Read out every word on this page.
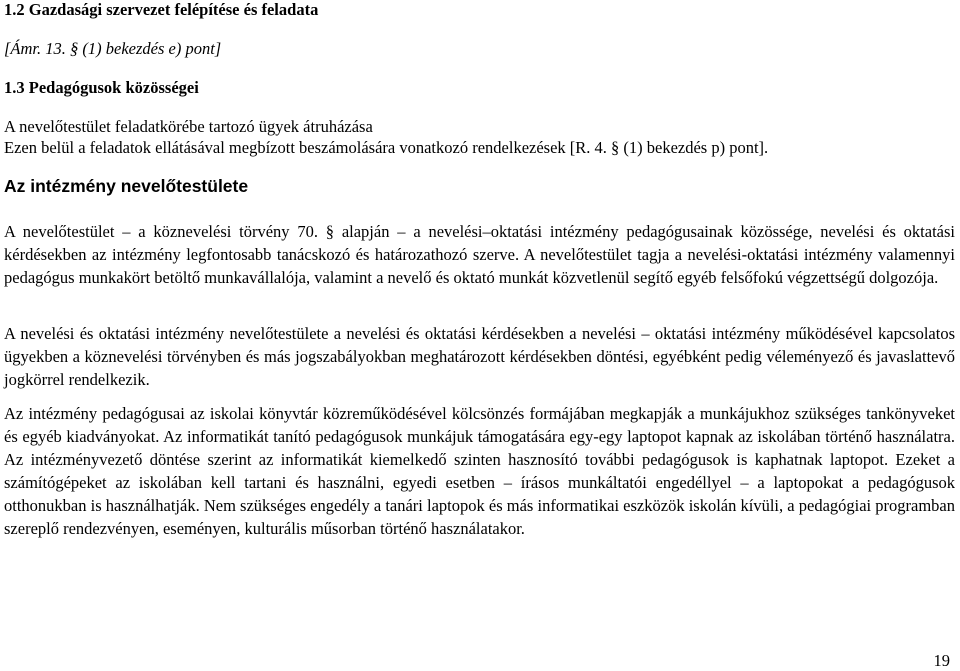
1.2 Gazdasági szervezet felépítése és feladata
[Ámr. 13. § (1) bekezdés e) pont]
1.3 Pedagógusok közösségei
A nevelőtestület feladatkörébe tartozó ügyek átruházása
Ezen belül a feladatok ellátásával megbízott beszámolására vonatkozó rendelkezések [R. 4. § (1) bekezdés p) pont].
Az intézmény nevelőtestülete

A nevelőtestület – a köznevelési törvény 70. § alapján – a nevelési–oktatási intézmény pedagógusainak közössége, nevelési és oktatási kérdésekben az intézmény legfontosabb tanácskozó és határozathozó szerve. A nevelőtestület tagja a nevelési-oktatási intézmény valamennyi pedagógus munkakört betöltő munkavállalója, valamint a nevelő és oktató munkát közvetlenül segítő egyéb felsőfokú végzettségű dolgozója.

A nevelési és oktatási intézmény nevelőtestülete a nevelési és oktatási kérdésekben a nevelési – oktatási intézmény működésével kapcsolatos ügyekben a köznevelési törvényben és más jogszabályokban meghatározott kérdésekben döntési, egyébként pedig véleményező és javaslattevő jogkörrel rendelkezik.

Az intézmény pedagógusai az iskolai könyvtár közreműködésével kölcsönzés formájában megkapják a munkájukhoz szükséges tankönyveket és egyéb kiadványokat. Az informatikát tanító pedagógusok munkájuk támogatására egy-egy laptopot kapnak az iskolában történő használatra. Az intézményvezető döntése szerint az informatikát kiemelkedő szinten hasznosító további pedagógusok is kaphatnak laptopot. Ezeket a számítógépeket az iskolában kell tartani és használni, egyedi esetben – írásos munkáltatói engedéllyel – a laptopokat a pedagógusok otthonukban is használhatják. Nem szükséges engedély a tanári laptopok és más informatikai eszközök iskolán kívüli, a pedagógiai programban szereplő rendezvényen, eseményen, kulturális műsorban történő használatakor.

19
